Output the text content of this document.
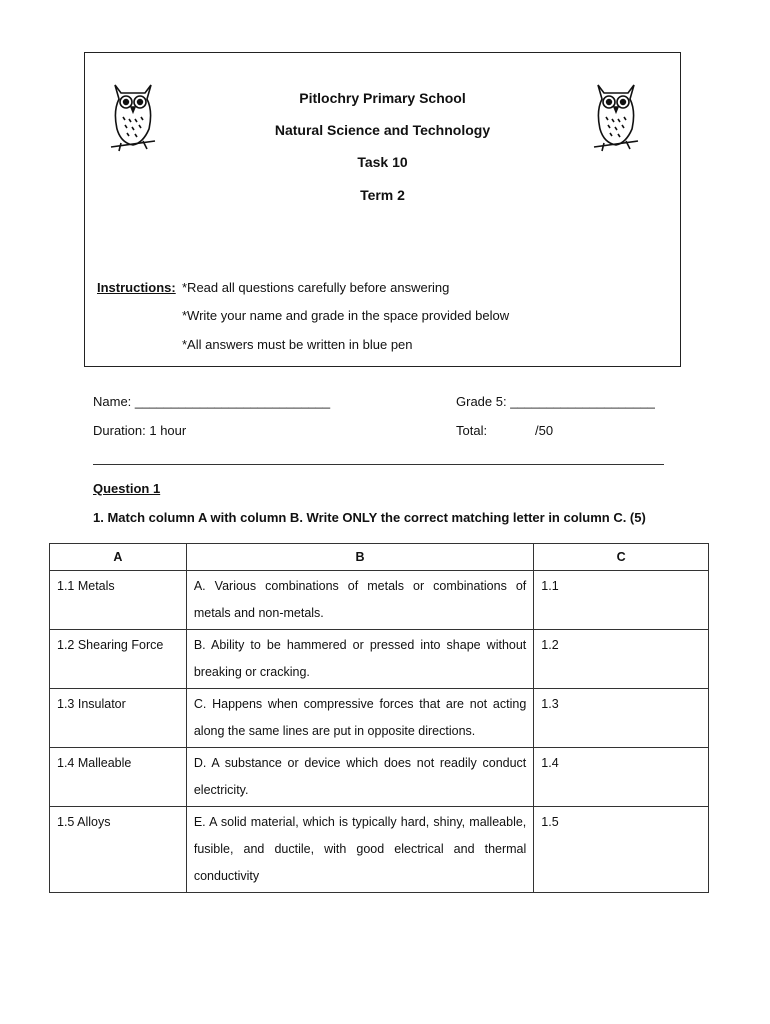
Pitlochry Primary School
Natural Science and Technology
Task 10
Term 2
Instructions: *Read all questions carefully before answering
*Write your name and grade in the space provided below
*All answers must be written in blue pen
Name: ___________________________	Grade 5: ____________________
Duration: 1 hour	Total:	/50
Question 1
1. Match column A with column B. Write ONLY the correct matching letter in column C. (5)
A	B	C
1.1 Metals	A. Various combinations of metals or combinations of metals and non-metals.	1.1
1.2 Shearing Force	B. Ability to be hammered or pressed into shape without breaking or cracking.	1.2
1.3 Insulator	C. Happens when compressive forces that are not acting along the same lines are put in opposite directions.	1.3
1.4 Malleable	D. A substance or device which does not readily conduct electricity.	1.4
1.5 Alloys	E. A solid material, which is typically hard, shiny, malleable, fusible, and ductile, with good electrical and thermal conductivity	1.5
